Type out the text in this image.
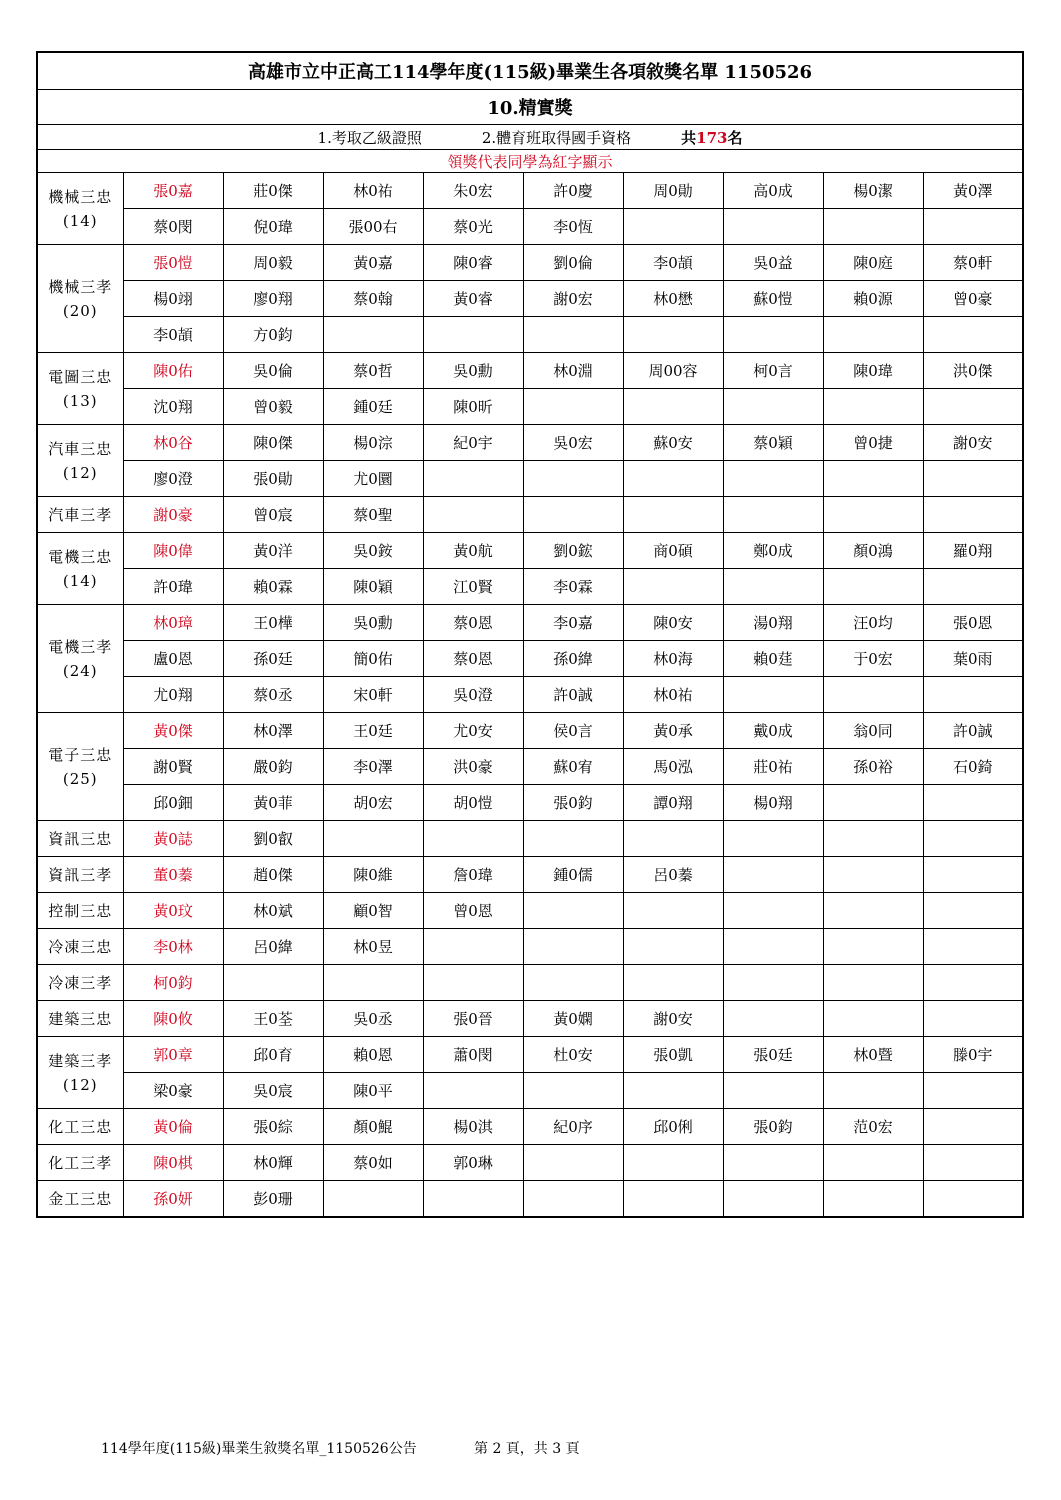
高雄市立中正高工114學年度(115級)畢業生各項敘獎名單 1150526									
10.精實獎									
1.考取乙級證照 2.體育班取得國手資格 共173名									
領獎代表同學為紅字顯示									

機械三忠
(14)	張0嘉	莊0傑	林0祐	朱0宏	許0慶	周0勛	高0成	楊0潔	黃0澤
	蔡0閔	倪0瑋	張00右	蔡0光	李0恆				

機械三孝
(20)	張0愷	周0毅	黃0嘉	陳0睿	劉0倫	李0頡	吳0益	陳0庭	蔡0軒
	楊0翊	廖0翔	蔡0翰	黃0睿	謝0宏	林0懋	蘇0愷	賴0源	曾0豪
	李0頡	方0鈞							

電圖三忠
(13)	陳0佑	吳0倫	蔡0哲	吳0勳	林0淵	周00容	柯0言	陳0瑋	洪0傑
	沈0翔	曾0毅	鍾0廷	陳0昕					

汽車三忠
(12)	林0谷	陳0傑	楊0淙	紀0宇	吳0宏	蘇0安	蔡0穎	曾0捷	謝0安
	廖0澄	張0勛	尤0圜						

汽車三孝	謝0豪	曾0宸	蔡0聖						

電機三忠
(14)	陳0偉	黃0洋	吳0銨	黃0航	劉0鋐	商0碩	鄭0成	顏0鴻	羅0翔
	許0瑋	賴0霖	陳0穎	江0賢	李0霖				

電機三孝
(24)	林0璋	王0樺	吳0勳	蔡0恩	李0嘉	陳0安	湯0翔	汪0均	張0恩
	盧0恩	孫0廷	簡0佑	蔡0恩	孫0緯	林0海	賴0莛	于0宏	葉0雨
	尤0翔	蔡0丞	宋0軒	吳0澄	許0誠	林0祐			

電子三忠
(25)	黃0傑	林0澤	王0廷	尤0安	侯0言	黃0承	戴0成	翁0同	許0誠
	謝0賢	嚴0鈞	李0澤	洪0豪	蘇0宥	馬0泓	莊0祐	孫0裕	石0錡
	邱0鈿	黃0菲	胡0宏	胡0愷	張0鈞	譚0翔	楊0翔		

資訊三忠	黃0誌	劉0叡							

資訊三孝	董0蓁	趙0傑	陳0維	詹0瑋	鍾0儒	呂0蓁			

控制三忠	黃0玟	林0斌	顧0智	曾0恩					

冷凍三忠	李0林	呂0緯	林0昱						

冷凍三孝	柯0鈞								

建築三忠	陳0攸	王0荃	吳0丞	張0晉	黃0嫻	謝0安			

建築三孝
(12)	郭0章	邱0育	賴0恩	蕭0閔	杜0安	張0凱	張0廷	林0暨	滕0宇
	梁0豪	吳0宸	陳0平						

化工三忠	黃0倫	張0綜	顏0鯤	楊0淇	紀0序	邱0俐	張0鈞	范0宏	

化工三孝	陳0棋	林0輝	蔡0如	郭0琳					

金工三忠	孫0妍	彭0珊							
114學年度(115級)畢業生敘獎名單_1150526公告	第 2 頁，共 3 頁
